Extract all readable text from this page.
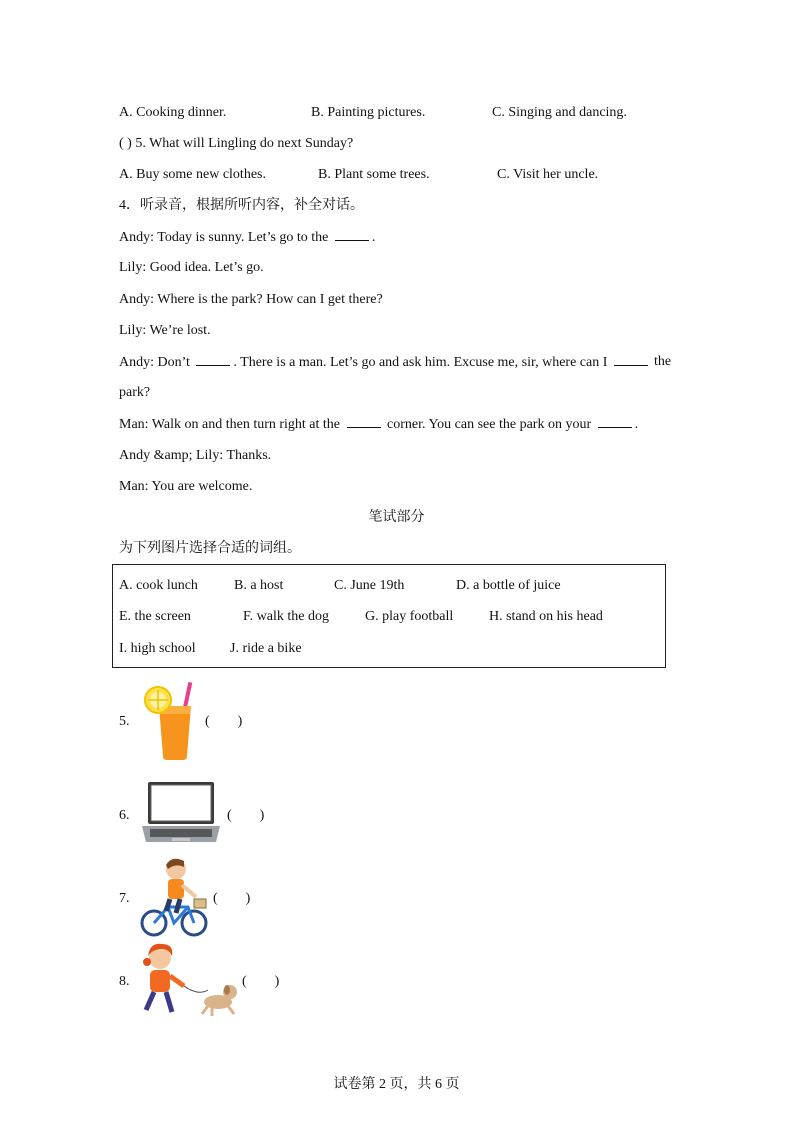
A. Cooking dinner.	B. Painting pictures.	C. Singing and dancing.
( ) 5. What will Lingling do next Sunday?
A. Buy some new clothes.	B. Plant some trees.	C. Visit her uncle.
4．听录音，根据所听内容，补全对话。
Andy: Today is sunny. Let’s go to the	.
Lily: Good idea. Let’s go.
Andy: Where is the park? How can I get there?
Lily: We’re lost.
Andy: Don’t	. There is a man. Let’s go and ask him. Excuse me, sir, where can I	the
park?
Man: Walk on and then turn right at the	corner. You can see the park on your	.
Andy &amp; Lily: Thanks.
Man: You are welcome.
笔试部分
为下列图片选择合适的词组。
A. cook lunch	B. a host	C. June 19th	D. a bottle of juice
E. the screen	F. walk the dog	G. play football	H. stand on his head
I. high school J. ride a bike
5.	(        )
6.	(        )
7.	(        )
8.	(        )
试卷第 2 页，共 6 页
